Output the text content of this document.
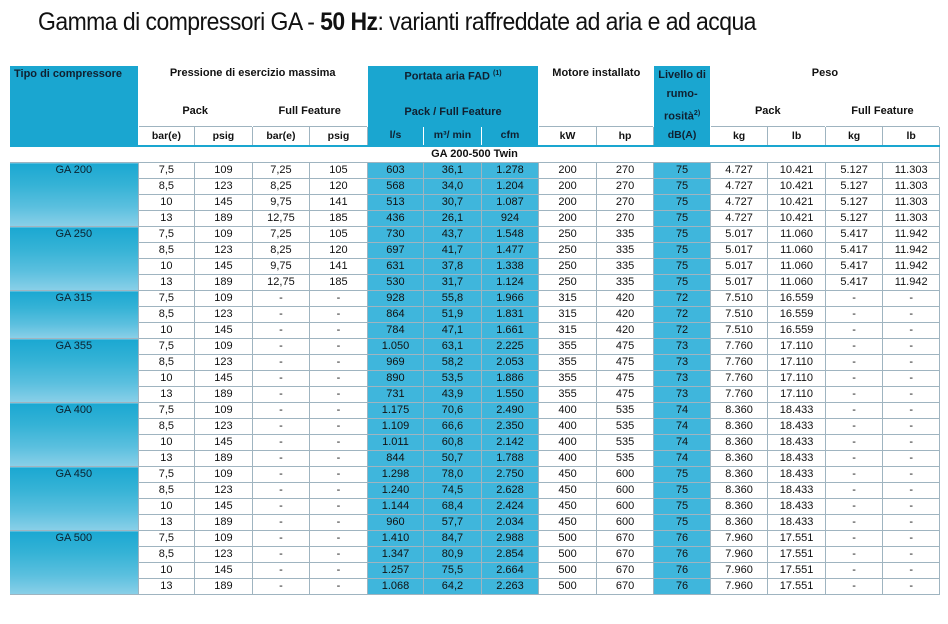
Gamma di compressori GA - 50 Hz: varianti raffreddate ad aria e ad acqua
Tipo di compressore	Pressione di esercizio massima				Portata aria FAD $^{(1)}$			Motore installato		Livello di rumo-rosità$^{2)}$	Peso			
	Pack		Full Feature		Pack / Full Feature						Pack		Full Feature	
	bar(e)	psig	bar(e)	psig	l/s	m³/ min	cfm	kW	hp	dB(A)	kg	lb	kg	lb
GA 200-500 Twin														
GA 200	7,5	109	7,25	105	603	36,1	1.278	200	270	75	4.727	10.421	5.127	11.303
	8,5	123	8,25	120	568	34,0	1.204	200	270	75	4.727	10.421	5.127	11.303
	10	145	9,75	141	513	30,7	1.087	200	270	75	4.727	10.421	5.127	11.303
	13	189	12,75	185	436	26,1	924	200	270	75	4.727	10.421	5.127	11.303
GA 250	7,5	109	7,25	105	730	43,7	1.548	250	335	75	5.017	11.060	5.417	11.942
	8,5	123	8,25	120	697	41,7	1.477	250	335	75	5.017	11.060	5.417	11.942
	10	145	9,75	141	631	37,8	1.338	250	335	75	5.017	11.060	5.417	11.942
	13	189	12,75	185	530	31,7	1.124	250	335	75	5.017	11.060	5.417	11.942
GA 315	7,5	109	-	-	928	55,8	1.966	315	420	72	7.510	16.559	-	-
	8,5	123	-	-	864	51,9	1.831	315	420	72	7.510	16.559	-	-
	10	145	-	-	784	47,1	1.661	315	420	72	7.510	16.559	-	-
GA 355	7,5	109	-	-	1.050	63,1	2.225	355	475	73	7.760	17.110	-	-
	8,5	123	-	-	969	58,2	2.053	355	475	73	7.760	17.110	-	-
	10	145	-	-	890	53,5	1.886	355	475	73	7.760	17.110	-	-
	13	189	-	-	731	43,9	1.550	355	475	73	7.760	17.110	-	-
GA 400	7,5	109	-	-	1.175	70,6	2.490	400	535	74	8.360	18.433	-	-
	8,5	123	-	-	1.109	66,6	2.350	400	535	74	8.360	18.433	-	-
	10	145	-	-	1.011	60,8	2.142	400	535	74	8.360	18.433	-	-
	13	189	-	-	844	50,7	1.788	400	535	74	8.360	18.433	-	-
GA 450	7,5	109	-	-	1.298	78,0	2.750	450	600	75	8.360	18.433	-	-
	8,5	123	-	-	1.240	74,5	2.628	450	600	75	8.360	18.433	-	-
	10	145	-	-	1.144	68,4	2.424	450	600	75	8.360	18.433	-	-
	13	189	-	-	960	57,7	2.034	450	600	75	8.360	18.433	-	-
GA 500	7,5	109	-	-	1.410	84,7	2.988	500	670	76	7.960	17.551	-	-
	8,5	123	-	-	1.347	80,9	2.854	500	670	76	7.960	17.551	-	-
	10	145	-	-	1.257	75,5	2.664	500	670	76	7.960	17.551	-	-
	13	189	-	-	1.068	64,2	2.263	500	670	76	7.960	17.551	-	-
